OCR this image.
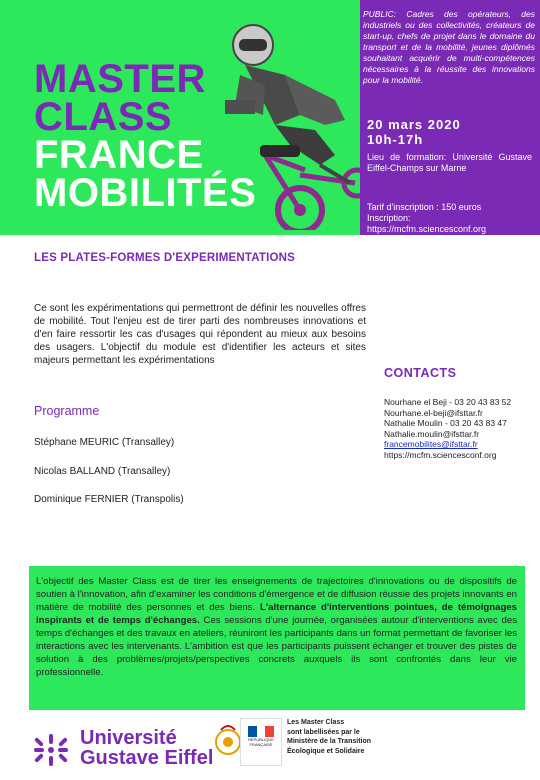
MASTER
CLASS
FRANCE
MOBILITÉS
PUBLIC: Cadres des opérateurs, des industriels ou des collectivités, créateurs de start-up, chefs de projet dans le domaine du transport et de la mobilité, jeunes diplômés souhaitant acquérir de multi-compétences nécessaires à la réussite des innovations pour la mobilité.
20 mars 2020
10h-17h
Lieu de formation: Université Gustave Eiffel-Champs sur Marne
Tarif d'inscription : 150 euros
Inscription:
https://mcfm.sciencesconf.org
LES PLATES-FORMES D'EXPERIMENTATIONS
Ce sont les expérimentations qui permettront de définir les nouvelles offres de mobilité. Tout l'enjeu est de tirer parti des nombreuses innovations et d'en faire ressortir les cas d'usages qui répondent au mieux aux besoins des usagers. L'objectif du module est d'identifier les acteurs et sites majeurs permettant les expérimentations
Programme
Stéphane MEURIC (Transalley)
Nicolas BALLAND (Transalley)
Dominique FERNIER (Transpolis)
CONTACTS
Nourhane el Beji - 03 20 43 83 52
Nourhane.el-beji@ifsttar.fr
Nathalie Moulin - 03 20 43 83 47
Nathalie.moulin@ifsttar.fr
francemobilites@ifsttar.fr
https://mcfm.sciencesconf.org
L'objectif des Master Class est de tirer les enseignements de trajectoires d'innovations ou de dispositifs de soutien à l'innovation, afin d'examiner les conditions d'émergence et de diffusion réussie des projets innovants en matière de mobilité des personnes et des biens. L'alternance d'interventions pointues, de témoignages inspirants et de temps d'échanges. Ces sessions d'une journée, organisées autour d'interventions avec des temps d'échanges et des travaux en ateliers, réuniront les participants dans un format permettant de favoriser les interactions avec les intervenants. L'ambition est que les participants puissent échanger et trouver des pistes de solution à des problèmes/projets/perspectives concrets auxquels ils sont confrontés dans leur vie professionnelle.
Université
Gustave Eiffel
RÉPUBLIQUE FRANÇAISE
Les Master Class
sont labellisées par le
Ministère de la Transition
Écologique et Solidaire
